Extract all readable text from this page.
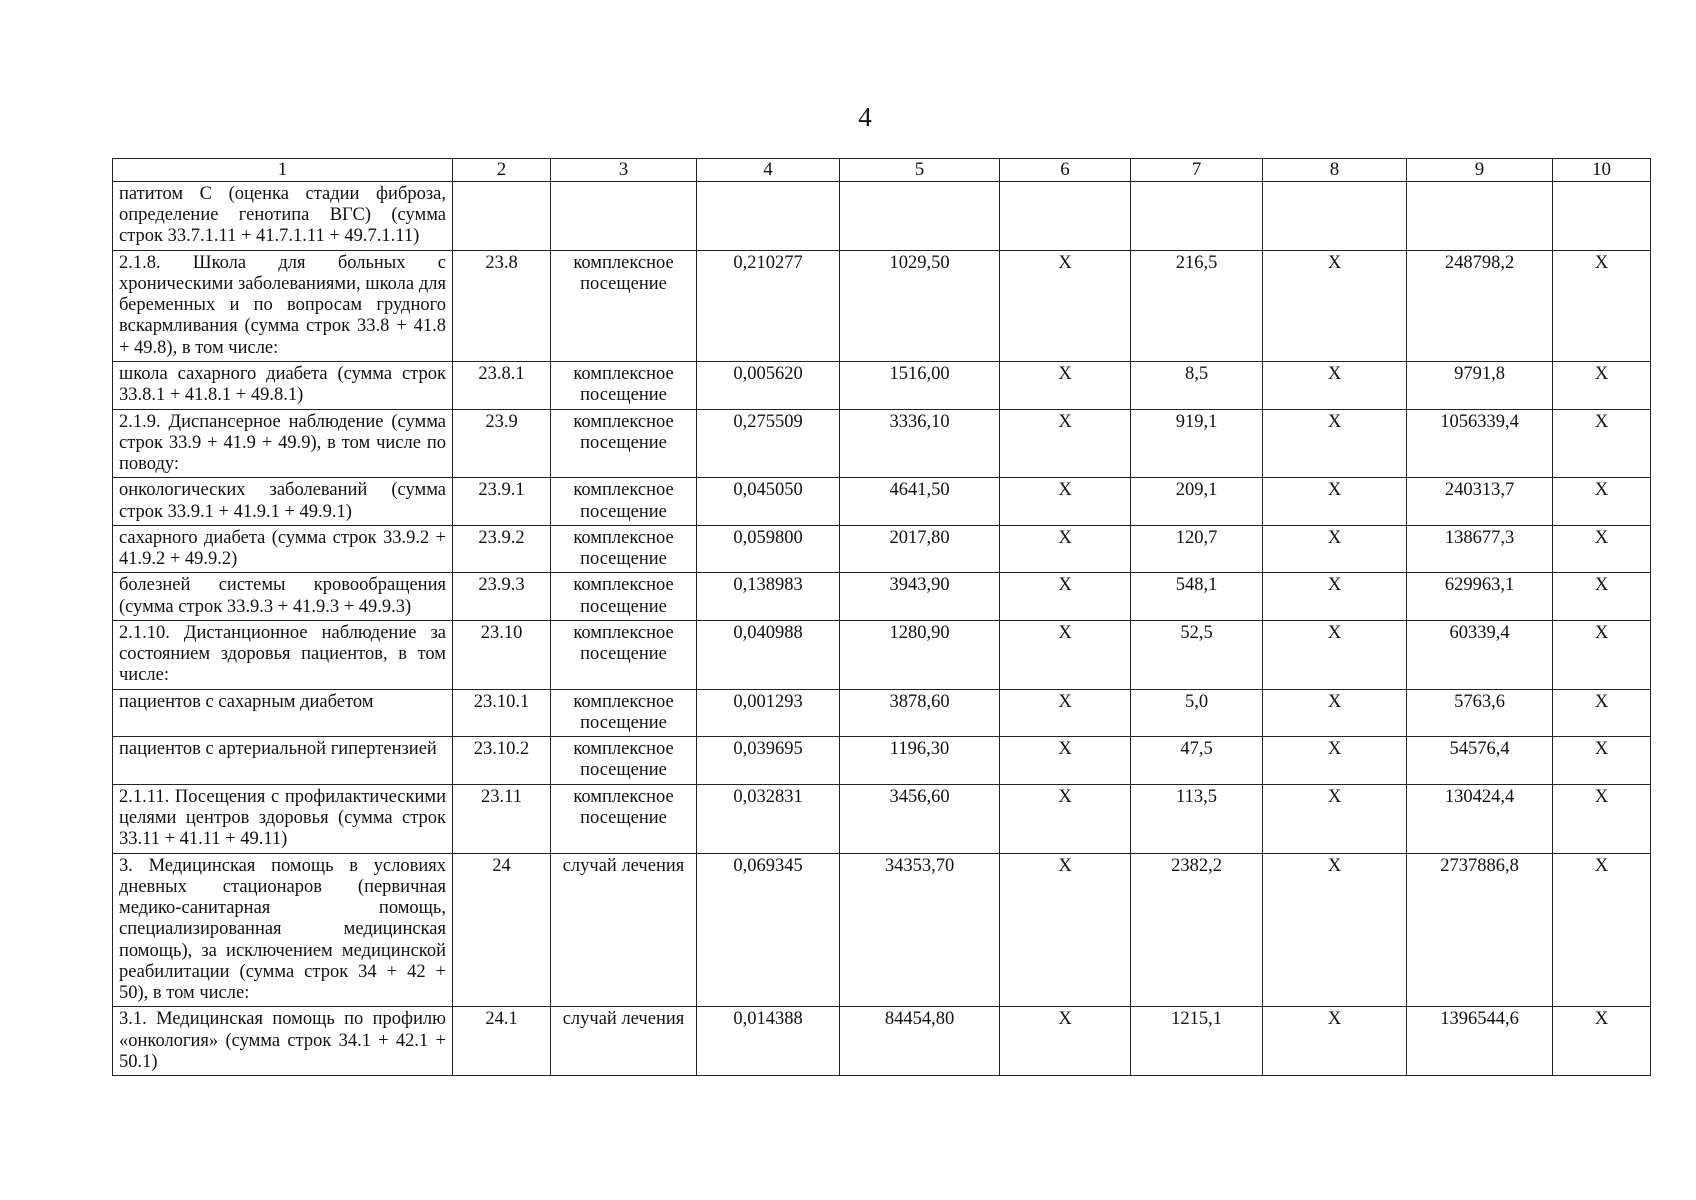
4
1	2	3	4	5	6	7	8	9	10
патитом С (оценка стадии фиброза, определение генотипа ВГС) (сумма строк 33.7.1.11 + 41.7.1.11 + 49.7.1.11)									
2.1.8. Школа для больных с хроническими заболеваниями, школа для беременных и по вопросам грудного вскармливания (сумма строк 33.8 + 41.8 + 49.8), в том числе:	23.8	комплексное посещение	0,210277	1029,50	Х	216,5	Х	248798,2	Х
школа сахарного диабета (сумма строк 33.8.1 + 41.8.1 + 49.8.1)	23.8.1	комплексное посещение	0,005620	1516,00	Х	8,5	Х	9791,8	Х
2.1.9. Диспансерное наблюдение (сумма строк 33.9 + 41.9 + 49.9), в том числе по поводу:	23.9	комплексное посещение	0,275509	3336,10	Х	919,1	Х	1056339,4	Х
онкологических заболеваний (сумма строк 33.9.1 + 41.9.1 + 49.9.1)	23.9.1	комплексное посещение	0,045050	4641,50	Х	209,1	Х	240313,7	Х
сахарного диабета (сумма строк 33.9.2 + 41.9.2 + 49.9.2)	23.9.2	комплексное посещение	0,059800	2017,80	Х	120,7	Х	138677,3	Х
болезней системы кровообращения (сумма строк 33.9.3 + 41.9.3 + 49.9.3)	23.9.3	комплексное посещение	0,138983	3943,90	Х	548,1	Х	629963,1	Х
2.1.10. Дистанционное наблюдение за состоянием здоровья пациентов, в том числе:	23.10	комплексное посещение	0,040988	1280,90	Х	52,5	Х	60339,4	Х
пациентов с сахарным диабетом	23.10.1	комплексное посещение	0,001293	3878,60	Х	5,0	Х	5763,6	Х
пациентов с артериальной гипертензией	23.10.2	комплексное посещение	0,039695	1196,30	Х	47,5	Х	54576,4	Х
2.1.11. Посещения с профилактическими целями центров здоровья (сумма строк 33.11 + 41.11 + 49.11)	23.11	комплексное посещение	0,032831	3456,60	Х	113,5	Х	130424,4	Х
3. Медицинская помощь в условиях дневных стационаров (первичная медико-санитарная помощь, специализированная медицинская помощь), за исключением медицинской реабилитации (сумма строк 34 + 42 + 50), в том числе:	24	случай лечения	0,069345	34353,70	Х	2382,2	Х	2737886,8	Х
3.1. Медицинская помощь по профилю «онкология» (сумма строк 34.1 + 42.1 + 50.1)	24.1	случай лечения	0,014388	84454,80	Х	1215,1	Х	1396544,6	Х
